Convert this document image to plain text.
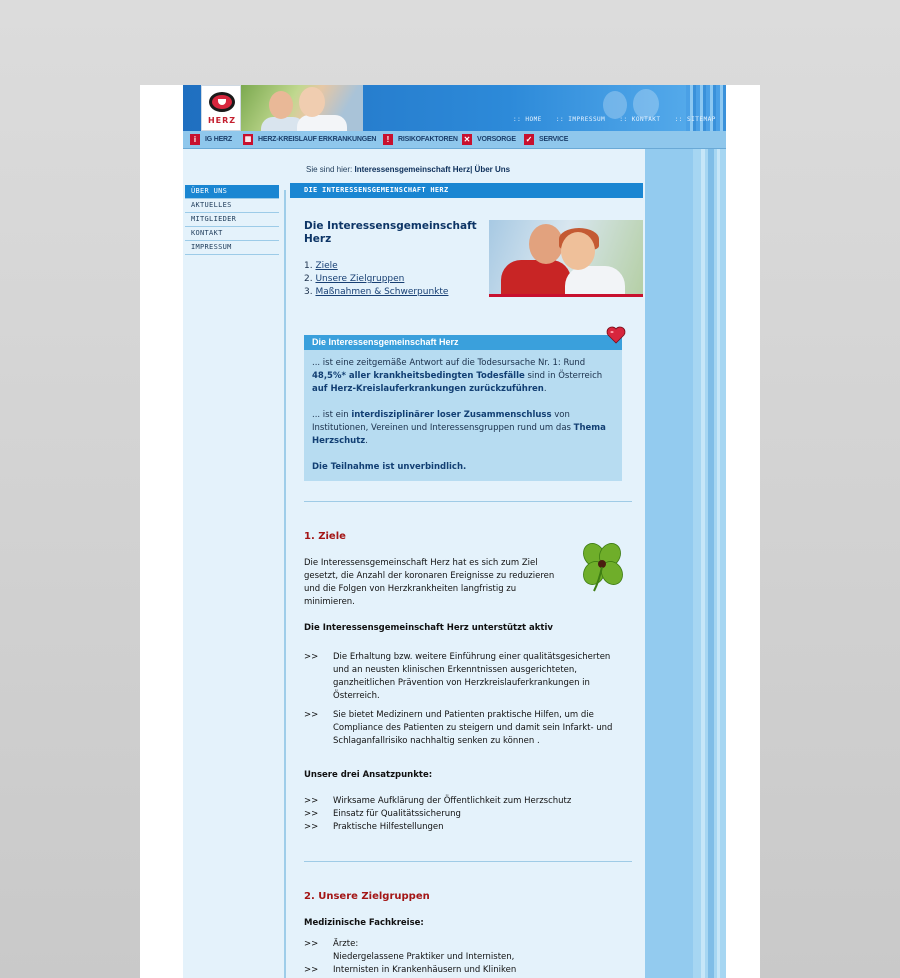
HERZ	:: HOME :: IMPRESSUM :: KONTAKT :: SITEMAP
i IG HERZ ▦ HERZ-KREISLAUF ERKRANKUNGEN	! RISIKOFAKTOREN ✕ VORSORGE ✓ SERVICE
ÜBER UNS
AKTUELLES
MITGLIEDER
KONTAKT
IMPRESSUM
Sie sind hier: Interessensgemeinschaft Herz| Über Uns
DIE INTERESSENSGEMEINSCHAFT HERZ
Die Interessensgemeinschaft Herz
1. Ziele
2. Unsere Zielgruppen
3. Maßnahmen & Schwerpunkte
Die Interessensgemeinschaft Herz

... ist eine zeitgemäße Antwort auf die Todesursache Nr. 1: Rund 48,5%* aller krankheitsbedingten Todesfälle sind in Österreich auf Herz-Kreislauferkrankungen zurückzuführen.

... ist ein interdisziplinärer loser Zusammenschluss von Institutionen, Vereinen und Interessensgruppen rund um das Thema Herzschutz.

Die Teilnahme ist unverbindlich.

1. Ziele

Die Interessensgemeinschaft Herz hat es sich zum Ziel gesetzt, die Anzahl der koronaren Ereignisse zu reduzieren und die Folgen von Herzkrankheiten langfristig zu minimieren.

Die Interessensgemeinschaft Herz unterstützt aktiv

>> Die Erhaltung bzw. weitere Einführung einer qualitätsgesicherten und an neusten klinischen Erkenntnissen ausgerichteten, ganzheitlichen Prävention von Herzkreislauferkrankungen in Österreich.
>> Sie bietet Medizinern und Patienten praktische Hilfen, um die Compliance des Patienten zu steigern und damit sein Infarkt- und Schlaganfallrisiko nachhaltig senken zu können .

Unsere drei Ansatzpunkte:

>> Wirksame Aufklärung der Öffentlichkeit zum Herzschutz
>> Einsatz für Qualitätssicherung
>> Praktische Hilfestellungen
2. Unsere Zielgruppen

Medizinische Fachkreise:

>> Ärzte:
Niedergelassene Praktiker und Internisten,
>> Internisten in Krankenhäusern und Kliniken
